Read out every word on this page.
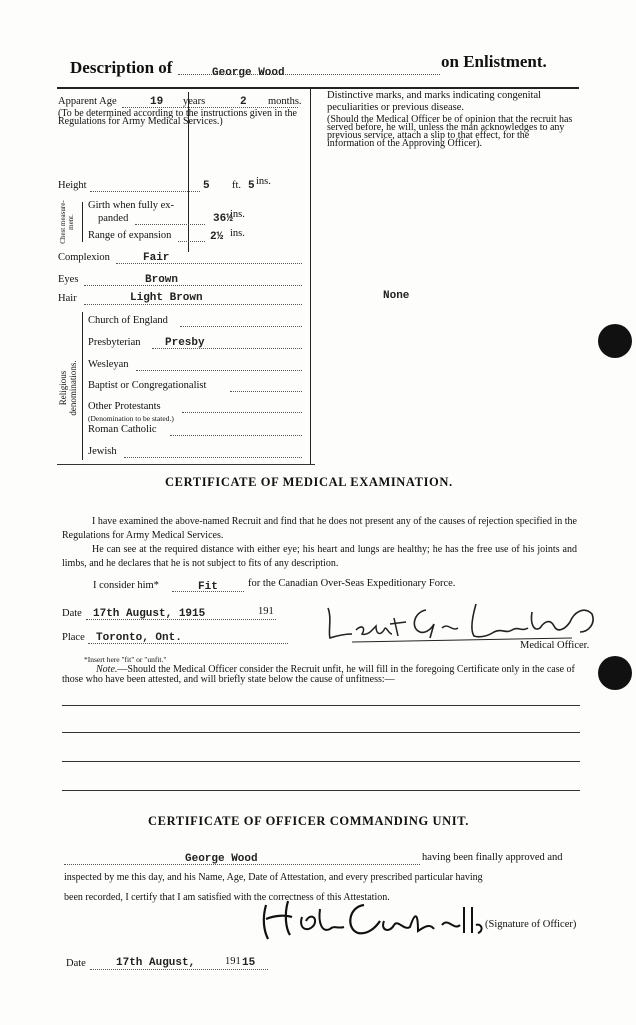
Description of	George Wood
on Enlistment.
Apparent Age	19 years	2 months.
(To be determined according to the instructions given in the Regulations for Army Medical Services.)
Height	5 ft. 5 ins.
Chest measure- ment.
Girth when fully ex-
panded	36½
ins.
Range of expansion	2½ ins.
Complexion	Fair
Eyes	Brown
Hair	Light Brown
Religious denominations.
Church of England
Presbyterian Presby
Wesleyan
Baptist or Congregationalist
Other Protestants
(Denomination to be stated.)
Roman Catholic
Jewish
Distinctive marks, and marks indicating congenital
peculiarities or previous disease.
(Should the Medical Officer be of opinion that the recruit has served before, he will, unless the man acknowledges to any previous service, attach a slip to that effect, for the information of the Approving Officer).
None
CERTIFICATE OF MEDICAL EXAMINATION.
I have examined the above-named Recruit and find that he does not present any of the causes of rejection specified in the Regulations for Army Medical Services.
He can see at the required distance with either eye; his heart and lungs are healthy; he has the free use of his joints and limbs, and he declares that he is not subject to fits of any description.
I consider him*	Fit	for the Canadian Over-Seas Expeditionary Force.
Date 17th August, 1915	191
Place Toronto, Ont.
Medical Officer.
*Insert here "fit" or "unfit."
Note.—Should the Medical Officer consider the Recruit unfit, he will fill in the foregoing Certificate only in the case of those who have been attested, and will briefly state below the cause of unfitness:—
CERTIFICATE OF OFFICER COMMANDING UNIT.
George Wood	having been finally approved and
inspected by me this day, and his Name, Age, Date of Attestation, and every prescribed particular having
been recorded, I certify that I am satisfied with the correctness of this Attestation.
(Signature of Officer)
Date	17th August,	191 15
